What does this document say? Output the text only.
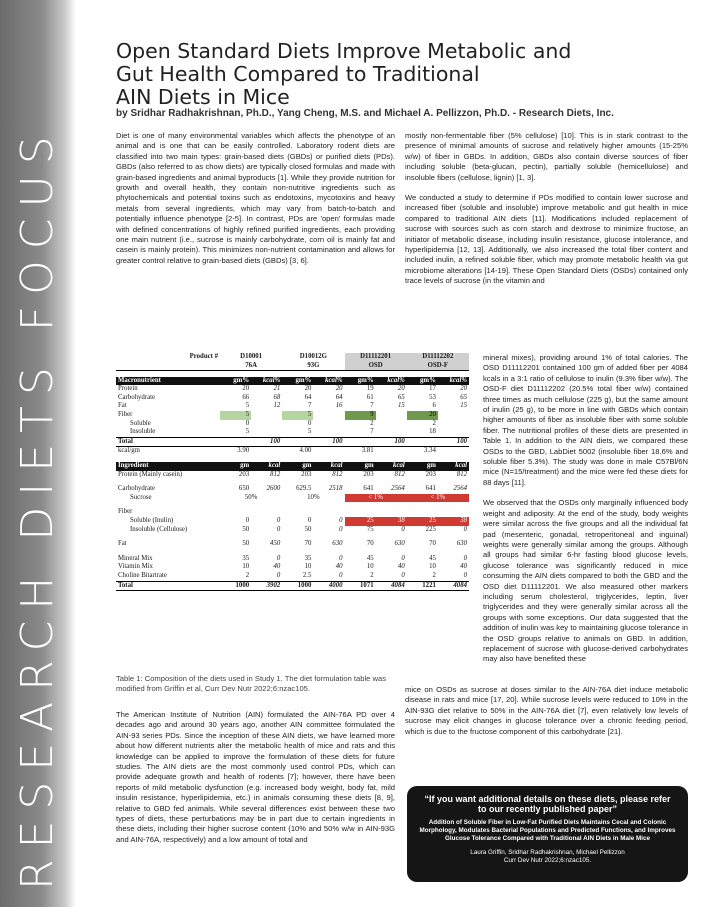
RESEARCH DIETS FOCUS
Open Standard Diets Improve Metabolic and
Gut Health Compared to Traditional
AIN Diets in Mice
by Sridhar Radhakrishnan, Ph.D., Yang Cheng, M.S. and Michael A. Pellizzon, Ph.D. - Research Diets, Inc.

Diet is one of many environmental variables which affects the phenotype of an animal and is one that can be easily controlled. Laboratory rodent diets are classified into two main types: grain-based diets (GBDs) or purified diets (PDs). GBDs (also referred to as chow diets) are typically closed formulas and made with grain-based ingredients and animal byproducts [1]. While they provide nutrition for growth and overall health, they contain non-nutritive ingredients such as phytochemicals and potential toxins such as endotoxins, mycotoxins and heavy metals from several ingredients, which may vary from batch-to-batch and potentially influence phenotype [2-5]. In contrast, PDs are 'open' formulas made with defined concentrations of highly refined purified ingredients, each providing one main nutrient (i.e., sucrose is mainly carbohydrate, corn oil is mainly fat and casein is mainly protein). This minimizes non-nutrient contamination and allows for greater control relative to grain-based diets (GBDs) [3, 6].

Product #	D10001		D10012G		D11112201		D11112202	
	76A		93G		OSD		OSD-F	

Macronutrient	gm%	kcal%	gm%	kcal%	gm%	kcal%	gm%	kcal%
Protein	20	21	20	20	19	20	17	20
Carbohydrate	66	68	64	64	61	65	53	65
Fat	5	12	7	16	7	15	6	15
Fiber	5		5		9		20	
Soluble	0		0		2		2	
Insoluble	5		5		7		18	
Total		100		100		100		100
kcal/gm	3.90		4.00		3.81		3.34	

Ingredient	gm	kcal	gm	kcal	gm	kcal	gm	kcal
Protein (Mainly casein)	203	812	203	812	203	812	203	812

Carbohydrate	650	2600	629.5	2518	641	2564	641	2564
Sucrose	50%		10%		< 1%		< 1%	

Fiber								
Soluble (Inulin)	0	0	0	0	25	38	25	38
Insoluble (Cellulose)	50	0	50	0	75	0	225	0

Fat	50	450	70	630	70	630	70	630

Mineral Mix	35	0	35	0	45	0	45	0
Vitamin Mix	10	40	10	40	10	40	10	40
Choline Bitartrate	2	0	2.5	0	2	0	2	0
Total	1000	3902	1000	4000	1071	4084	1221	4084
Table 1: Composition of the diets used in Study 1. The diet formulation table was modified from Griffin et al, Curr Dev Nutr 2022;6:nzac105.

The American Institute of Nutrition (AIN) formulated the AIN-76A PD over 4 decades ago and around 30 years ago, another AIN committee formulated the AIN-93 series PDs. Since the inception of these AIN diets, we have learned more about how different nutrients alter the metabolic health of mice and rats and this knowledge can be applied to improve the formulation of these diets for future studies. The AIN diets are the most commonly used control PDs, which can provide adequate growth and health of rodents [7]; however, there have been reports of mild metabolic dysfunction (e.g. increased body weight, body fat, mild insulin resistance, hyperlipidemia, etc.) in animals consuming these diets [8, 9], relative to GBD fed animals. While several differences exist between these two types of diets, these perturbations may be in part due to certain ingredients in these diets, including their higher sucrose content (10% and 50% w/w in AIN-93G and AIN-76A, respectively) and a low amount of total and

mostly non-fermentable fiber (5% cellulose) [10]. This is in stark contrast to the presence of minimal amounts of sucrose and relatively higher amounts (15-25% w/w) of fiber in GBDs. In addition, GBDs also contain diverse sources of fiber including soluble (beta-glucan, pectin), partially soluble (hemicellulose) and insoluble fibers (cellulose, lignin) [1, 3].

We conducted a study to determine if PDs modified to contain lower sucrose and increased fiber (soluble and insoluble) improve metabolic and gut health in mice compared to traditional AIN diets [11]. Modifications included replacement of sucrose with sources such as corn starch and dextrose to minimize fructose, an initiator of metabolic disease, including insulin resistance, glucose intolerance, and hyperlipidemia [12, 13]. Additionally, we also increased the total fiber content and included inulin, a refined soluble fiber, which may promote metabolic health via gut microbiome alterations [14-19]. These Open Standard Diets (OSDs) contained only trace levels of sucrose (in the vitamin and

mineral mixes), providing around 1% of total calories. The OSD D11112201 contained 100 gm of added fiber per 4084 kcals in a 3:1 ratio of cellulose to inulin (9.3% fiber w/w). The OSD-F diet D11112202 (20.5% total fiber w/w) contained three times as much cellulose (225 g), but the same amount of inulin (25 g), to be more in line with GBDs which contain higher amounts of fiber as insoluble fiber with some soluble fiber. The nutritional profiles of these diets are presented in Table 1. In addition to the AIN diets, we compared these OSDs to the GBD, LabDiet 5002 (insoluble fiber 18.6% and soluble fiber 5.3%). The study was done in male C57Bl/6N mice (N=15/treatment) and the mice were fed these diets for 88 days [11].

We observed that the OSDs only marginally influenced body weight and adiposity. At the end of the study, body weights were similar across the five groups and all the individual fat pad (mesenteric, gonadal, retroperitoneal and inguinal) weights were generally similar among the groups. Although all groups had similar 6-hr fasting blood glucose levels, glucose tolerance was significantly reduced in mice consuming the AIN diets compared to both the GBD and the OSD diet D11112201. We also measured other markers including serum cholesterol, triglycerides, leptin, liver triglycerides and they were generally similar across all the groups with some exceptions. Our data suggested that the addition of inulin was key to maintaining glucose tolerance in the OSD groups relative to animals on GBD. In addition, replacement of sucrose with glucose-derived carbohydrates may also have benefited these

mice on OSDs as sucrose at doses similar to the AIN-76A diet induce metabolic disease in rats and mice [17, 20]. While sucrose levels were reduced to 10% in the AIN-93G diet relative to 50% in the AIN-76A diet [7], even relatively low levels of sucrose may elicit changes in glucose tolerance over a chronic feeding period, which is due to the fructose component of this carbohydrate [21].

“If you want additional details on these diets, please refer to our recently published paper”
Addition of Soluble Fiber in Low-Fat Purified Diets Maintains Cecal and Colonic Morphology, Modulates Bacterial Populations and Predicted Functions, and Improves Glucose Tolerance Compared with Traditional AIN Diets in Male Mice
Laura Griffin, Sridhar Radhakrishnan, Michael Pellizzon
Curr Dev Nutr 2022;6:nzac105.
